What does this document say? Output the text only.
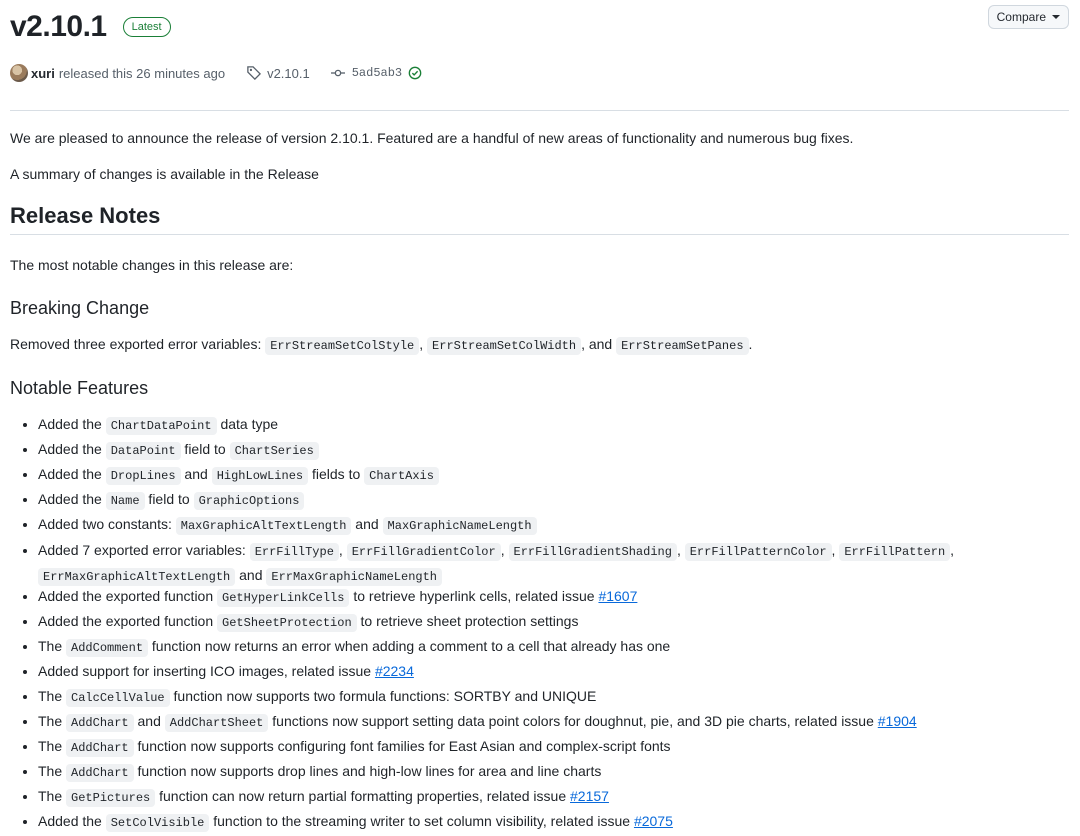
v2.10.1	Latest
Compare
xuri released this 26 minutes ago	v2.10.1	5ad5ab3

We are pleased to announce the release of version 2.10.1. Featured are a handful of new areas of functionality and numerous bug fixes.

A summary of changes is available in the Release

Release Notes

The most notable changes in this release are:

Breaking Change

Removed three exported error variables: ErrStreamSetColStyle , ErrStreamSetColWidth , and ErrStreamSetPanes .

Notable Features
• Added the ChartDataPoint data type
• Added the DataPoint field to ChartSeries
• Added the DropLines and HighLowLines fields to ChartAxis
• Added the Name field to GraphicOptions
• Added two constants: MaxGraphicAltTextLength and MaxGraphicNameLength
• Added 7 exported error variables: ErrFillType , ErrFillGradientColor , ErrFillGradientShading , ErrFillPatternColor , ErrFillPattern , ErrMaxGraphicAltTextLength and ErrMaxGraphicNameLength
• Added the exported function GetHyperLinkCells to retrieve hyperlink cells, related issue #1607
• Added the exported function GetSheetProtection to retrieve sheet protection settings
• The AddComment function now returns an error when adding a comment to a cell that already has one
• Added support for inserting ICO images, related issue #2234
• The CalcCellValue function now supports two formula functions: SORTBY and UNIQUE
• The AddChart and AddChartSheet functions now support setting data point colors for doughnut, pie, and 3D pie charts, related issue #1904
• The AddChart function now supports configuring font families for East Asian and complex-script fonts
• The AddChart function now supports drop lines and high-low lines for area and line charts
• The GetPictures function can now return partial formatting properties, related issue #2157
• Added the SetColVisible function to the streaming writer to set column visibility, related issue #2075
